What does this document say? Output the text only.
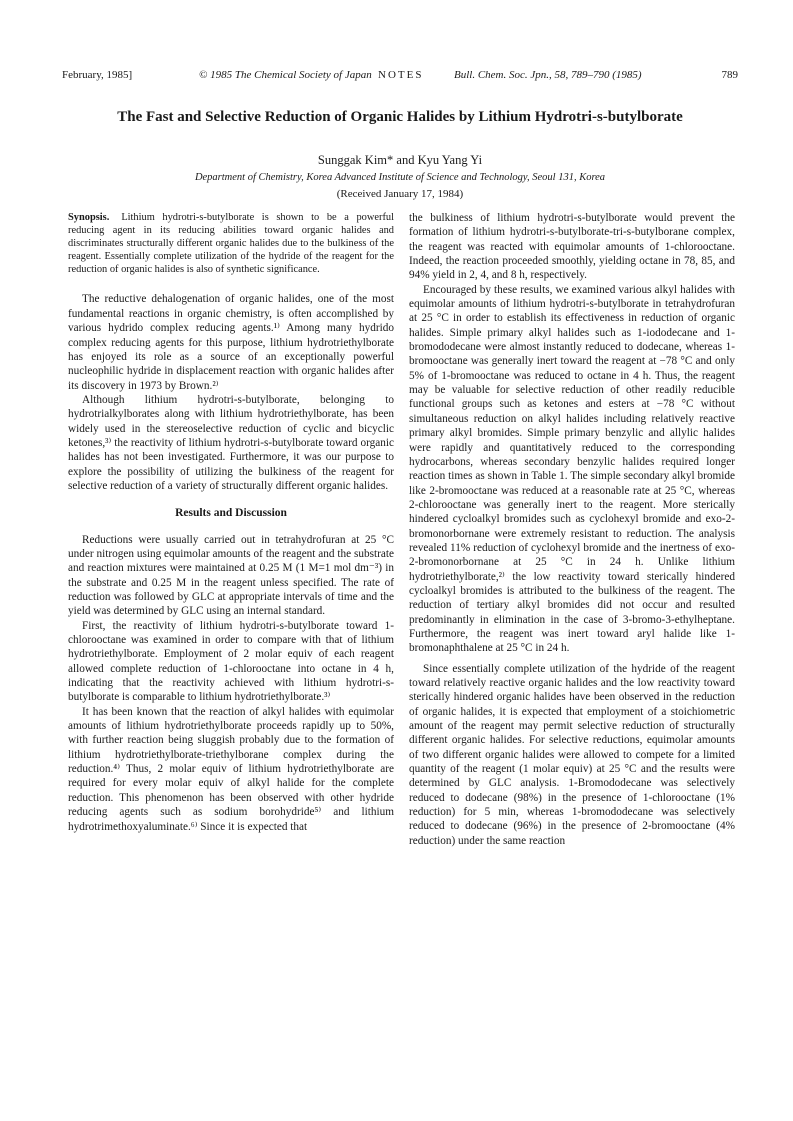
February, 1985]	© 1985 The Chemical Society of Japan NOTES	Bull. Chem. Soc. Jpn., 58, 789–790 (1985)	789
The Fast and Selective Reduction of Organic Halides by Lithium Hydrotri-s-butylborate
Sunggak Kim* and Kyu Yang Yi
Department of Chemistry, Korea Advanced Institute of Science and Technology, Seoul 131, Korea
(Received January 17, 1984)
Synopsis. Lithium hydrotri-s-butylborate is shown to be a powerful reducing agent in its reducing abilities toward organic halides and discriminates structurally different organic halides due to the bulkiness of the reagent. Essentially complete utilization of the hydride of the reagent for the reduction of organic halides is also of synthetic significance.

The reductive dehalogenation of organic halides, one of the most fundamental reactions in organic chemistry, is often accomplished by various hydrido complex reducing agents.¹⁾ Among many hydrido complex reducing agents for this purpose, lithium hydrotriethylborate has enjoyed its role as a source of an exceptionally powerful nucleophilic hydride in displacement reaction with organic halides after its discovery in 1973 by Brown.²⁾

Although lithium hydrotri-s-butylborate, belonging to hydrotrialkylborates along with lithium hydrotriethylborate, has been widely used in the stereoselective reduction of cyclic and bicyclic ketones,³⁾ the reactivity of lithium hydrotri-s-butylborate toward organic halides has not been investigated. Furthermore, it was our purpose to explore the possibility of utilizing the bulkiness of the reagent for selective reduction of a variety of structurally different organic halides.

Results and Discussion

Reductions were usually carried out in tetrahydrofuran at 25 °C under nitrogen using equimolar amounts of the reagent and the substrate and reaction mixtures were maintained at 0.25 M (1 M=1 mol dm⁻³) in the substrate and 0.25 M in the reagent unless specified. The rate of reduction was followed by GLC at appropriate intervals of time and the yield was determined by GLC using an internal standard.

First, the reactivity of lithium hydrotri-s-butylborate toward 1-chlorooctane was examined in order to compare with that of lithium hydrotriethylborate. Employment of 2 molar equiv of each reagent allowed complete reduction of 1-chlorooctane into octane in 4 h, indicating that the reactivity achieved with lithium hydrotri-s-butylborate is comparable to lithium hydrotriethylborate.³⁾

It has been known that the reaction of alkyl halides with equimolar amounts of lithium hydrotriethylborate proceeds rapidly up to 50%, with further reaction being sluggish probably due to the formation of lithium hydrotriethylborate-triethylborane complex during the reduction.⁴⁾ Thus, 2 molar equiv of lithium hydrotriethylborate are required for every molar equiv of alkyl halide for the complete reduction. This phenomenon has been observed with other hydride reducing agents such as sodium borohydride⁵⁾ and lithium hydrotrimethoxyaluminate.⁶⁾ Since it is expected that

the bulkiness of lithium hydrotri-s-butylborate would prevent the formation of lithium hydrotri-s-butylborate-tri-s-butylborane complex, the reagent was reacted with equimolar amounts of 1-chlorooctane. Indeed, the reaction proceeded smoothly, yielding octane in 78, 85, and 94% yield in 2, 4, and 8 h, respectively.

Encouraged by these results, we examined various alkyl halides with equimolar amounts of lithium hydrotri-s-butylborate in tetrahydrofuran at 25 °C in order to establish its effectiveness in reduction of organic halides. Simple primary alkyl halides such as 1-iododecane and 1-bromododecane were almost instantly reduced to dodecane, whereas 1-bromooctane was generally inert toward the reagent at −78 °C and only 5% of 1-bromooctane was reduced to octane in 4 h. Thus, the reagent may be valuable for selective reduction of other readily reducible functional groups such as ketones and esters at −78 °C without simultaneous reduction on alkyl halides including relatively reactive primary alkyl bromides. Simple primary benzylic and allylic halides were rapidly and quantitatively reduced to the corresponding hydrocarbons, whereas secondary benzylic halides required longer reaction times as shown in Table 1. The simple secondary alkyl bromide like 2-bromooctane was reduced at a reasonable rate at 25 °C, whereas 2-chlorooctane was generally inert to the reagent. More sterically hindered cycloalkyl bromides such as cyclohexyl bromide and exo-2-bromonorbornane were extremely resistant to reduction. The analysis revealed 11% reduction of cyclohexyl bromide and the inertness of exo-2-bromonorbornane at 25 °C in 24 h. Unlike lithium hydrotriethylborate,²⁾ the low reactivity toward sterically hindered cycloalkyl bromides is attributed to the bulkiness of the reagent. The reduction of tertiary alkyl bromides did not occur and resulted predominantly in elimination in the case of 3-bromo-3-ethylheptane. Furthermore, the reagent was inert toward aryl halide like 1-bromonaphthalene at 25 °C in 24 h.

Since essentially complete utilization of the hydride of the reagent toward relatively reactive organic halides and the low reactivity toward sterically hindered organic halides have been observed in the reduction of organic halides, it is expected that employment of a stoichiometric amount of the reagent may permit selective reduction of structurally different organic halides. For selective reductions, equimolar amounts of two different organic halides were allowed to compete for a limited quantity of the reagent (1 molar equiv) at 25 °C and the results were determined by GLC analysis. 1-Bromododecane was selectively reduced to dodecane (98%) in the presence of 1-chlorooctane (1% reduction) for 5 min, whereas 1-bromododecane was selectively reduced to dodecane (96%) in the presence of 2-bromooctane (4% reduction) under the same reaction
